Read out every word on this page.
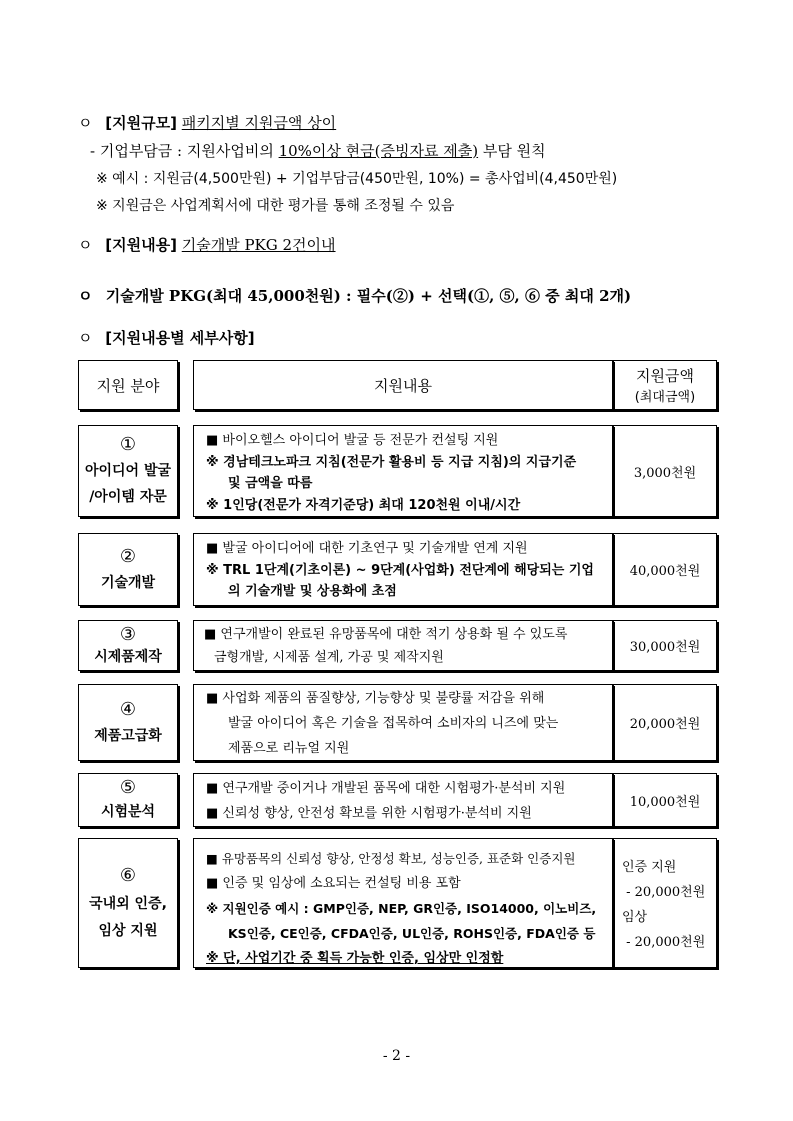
ㅇ [지원규모] 패키지별 지원금액 상이
- 기업부담금 : 지원사업비의 10%이상 현금(증빙자료 제출) 부담 원칙
※ 예시 : 지원금(4,500만원) + 기업부담금(450만원, 10%) = 총사업비(4,450만원)
※ 지원금은 사업계획서에 대한 평가를 통해 조정될 수 있음
ㅇ [지원내용] 기술개발 PKG 2건이내
ㅇ 기술개발 PKG(최대 45,000천원) : 필수(②) + 선택(①, ⑤, ⑥ 중 최대 2개)
ㅇ [지원내용별 세부사항]
지원 분야	지원내용
지원금액
(최대금액)
①
아이디어 발굴
/아이템 자문
■ 바이오헬스 아이디어 발굴 등 전문가 컨설팅 지원
※ 경남테크노파크 지침(전문가 활용비 등 지급 지침)의 지급기준
및 금액을 따름
※ 1인당(전문가 자격기준당) 최대 120천원 이내/시간
3,000천원
②
기술개발
■ 발굴 아이디어에 대한 기초연구 및 기술개발 연계 지원
※ TRL 1단계(기초이론) ~ 9단계(사업화) 전단계에 해당되는 기업
의 기술개발 및 상용화에 초점
40,000천원
③
시제품제작
■ 연구개발이 완료된 유망품목에 대한 적기 상용화 될 수 있도록
금형개발, 시제품 설계, 가공 및 제작지원
30,000천원
④
제품고급화
■ 사업화 제품의 품질향상, 기능향상 및 불량률 저감을 위해
발굴 아이디어 혹은 기술을 접목하여 소비자의 니즈에 맞는
제품으로 리뉴얼 지원
20,000천원
⑤
시험분석
■ 연구개발 중이거나 개발된 품목에 대한 시험평가·분석비 지원
■ 신뢰성 향상, 안전성 확보를 위한 시험평가·분석비 지원
10,000천원
⑥
국내외 인증,
임상 지원
■ 유망품목의 신뢰성 향상, 안정성 확보, 성능인증, 표준화 인증지원
■ 인증 및 임상에 소요되는 컨설팅 비용 포함
※ 지원인증 예시 : GMP인증, NEP, GR인증, ISO14000, 이노비즈,
KS인증, CE인증, CFDA인증, UL인증, ROHS인증, FDA인증 등
※ 단, 사업기간 중 획득 가능한 인증, 임상만 인정함
인증 지원
- 20,000천원
임상
- 20,000천원
- 2 -
